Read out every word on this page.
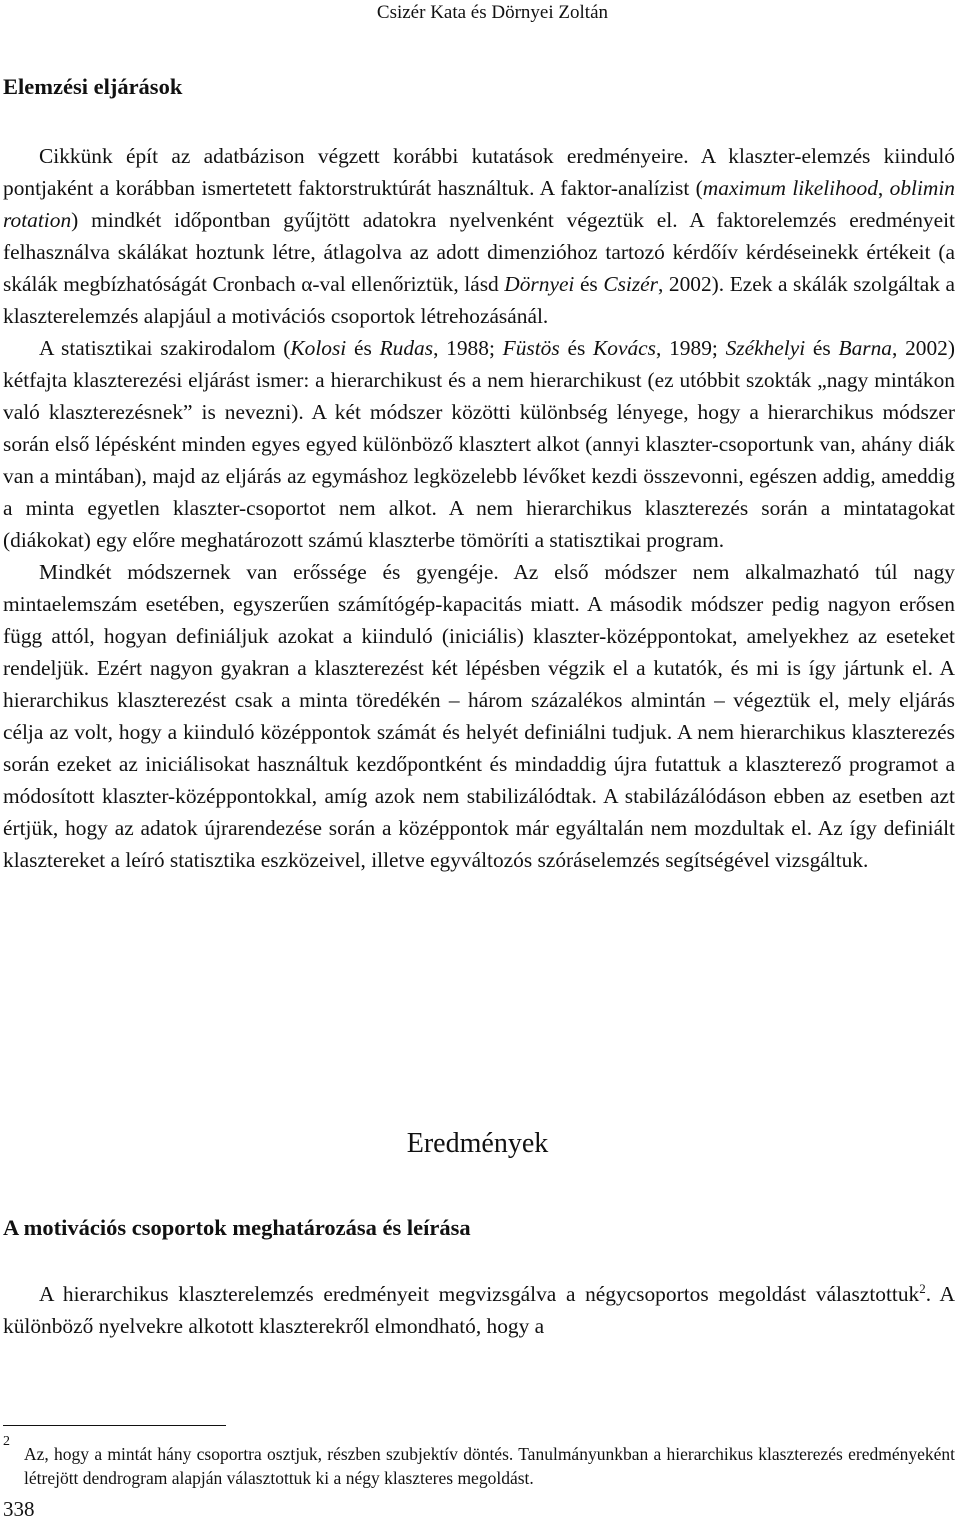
Csizér Kata és Dörnyei Zoltán
Elemzési eljárások

Cikkünk épít az adatbázison végzett korábbi kutatások eredményeire. A klaszter-elemzés kiinduló pontjaként a korábban ismertetett faktorstruktúrát használtuk. A faktor-analízist (maximum likelihood, oblimin rotation) mindkét időpontban gyűjtött adatokra nyelvenként végeztük el. A faktorelemzés eredményeit felhasználva skálákat hoztunk létre, átlagolva az adott dimenzióhoz tartozó kérdőív kérdéseinekk értékeit (a skálák megbízhatóságát Cronbach α-val ellenőriztük, lásd Dörnyei és Csizér, 2002). Ezek a skálák szolgáltak a klaszterelemzés alapjául a motivációs csoportok létrehozásánál.

A statisztikai szakirodalom (Kolosi és Rudas, 1988; Füstös és Kovács, 1989; Székhelyi és Barna, 2002) kétfajta klaszterezési eljárást ismer: a hierarchikust és a nem hierarchikust (ez utóbbit szokták „nagy mintákon való klaszterezésnek” is nevezni). A két módszer közötti különbség lényege, hogy a hierarchikus módszer során első lépésként minden egyes egyed különböző klasztert alkot (annyi klaszter-csoportunk van, ahány diák van a mintában), majd az eljárás az egymáshoz legközelebb lévőket kezdi összevonni, egészen addig, ameddig a minta egyetlen klaszter-csoportot nem alkot. A nem hierarchikus klaszterezés során a mintatagokat (diákokat) egy előre meghatározott számú klaszterbe tömöríti a statisztikai program.

Mindkét módszernek van erőssége és gyengéje. Az első módszer nem alkalmazható túl nagy mintaelemszám esetében, egyszerűen számítógép-kapacitás miatt. A második módszer pedig nagyon erősen függ attól, hogyan definiáljuk azokat a kiinduló (iniciális) klaszter-középpontokat, amelyekhez az eseteket rendeljük. Ezért nagyon gyakran a klaszterezést két lépésben végzik el a kutatók, és mi is így jártunk el. A hierarchikus klaszterezést csak a minta töredékén – három százalékos almintán – végeztük el, mely eljárás célja az volt, hogy a kiinduló középpontok számát és helyét definiálni tudjuk. A nem hierarchikus klaszterezés során ezeket az iniciálisokat használtuk kezdőpontként és mindaddig újra futattuk a klaszterező programot a módosított klaszter-középpontokkal, amíg azok nem stabilizálódtak. A stabilázálódáson ebben az esetben azt értjük, hogy az adatok újrarendezése során a középpontok már egyáltalán nem mozdultak el. Az így definiált klasztereket a leíró statisztika eszközeivel, illetve egyváltozós szóráselemzés segítségével vizsgáltuk.

Eredmények
A motivációs csoportok meghatározása és leírása

A hierarchikus klaszterelemzés eredményeit megvizsgálva a négycsoportos megoldást választottuk$^2$. A különböző nyelvekre alkotott klaszterekről elmondható, hogy a

2
Az, hogy a mintát hány csoportra osztjuk, részben szubjektív döntés. Tanulmányunkban a hierarchikus klaszterezés eredményeként létrejött dendrogram alapján választottuk ki a négy klaszteres megoldást.
338
